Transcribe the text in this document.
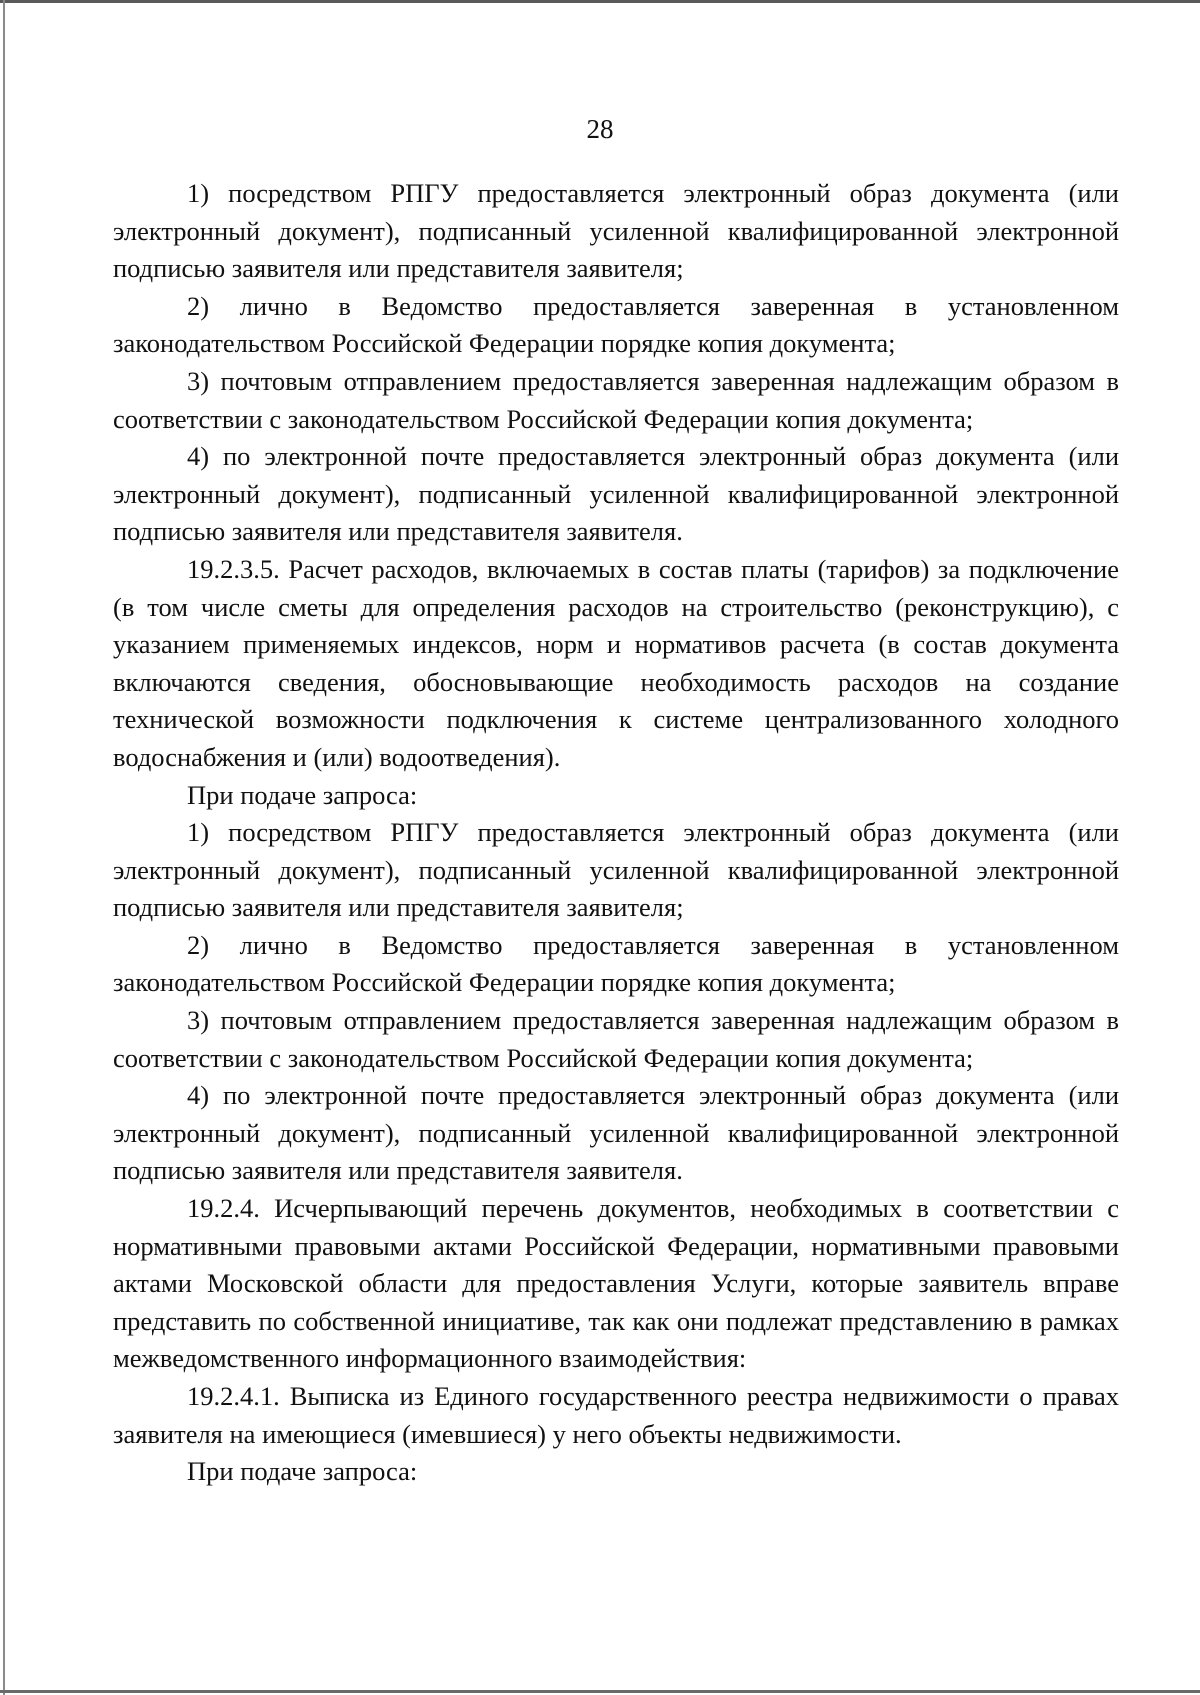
28

1) посредством РПГУ предоставляется электронный образ документа (или электронный документ), подписанный усиленной квалифицированной электронной подписью заявителя или представителя заявителя;

2) лично в Ведомство предоставляется заверенная в установленном законодательством Российской Федерации порядке копия документа;

3) почтовым отправлением предоставляется заверенная надлежащим образом в соответствии с законодательством Российской Федерации копия документа;

4) по электронной почте предоставляется электронный образ документа (или электронный документ), подписанный усиленной квалифицированной электронной подписью заявителя или представителя заявителя.

19.2.3.5. Расчет расходов, включаемых в состав платы (тарифов) за подключение (в том числе сметы для определения расходов на строительство (реконструкцию), с указанием применяемых индексов, норм и нормативов расчета (в состав документа включаются сведения, обосновывающие необходимость расходов на создание технической возможности подключения к системе централизованного холодного водоснабжения и (или) водоотведения).

При подаче запроса:

1) посредством РПГУ предоставляется электронный образ документа (или электронный документ), подписанный усиленной квалифицированной электронной подписью заявителя или представителя заявителя;

2) лично в Ведомство предоставляется заверенная в установленном законодательством Российской Федерации порядке копия документа;

3) почтовым отправлением предоставляется заверенная надлежащим образом в соответствии с законодательством Российской Федерации копия документа;

4) по электронной почте предоставляется электронный образ документа (или электронный документ), подписанный усиленной квалифицированной электронной подписью заявителя или представителя заявителя.

19.2.4. Исчерпывающий перечень документов, необходимых в соответствии с нормативными правовыми актами Российской Федерации, нормативными правовыми актами Московской области для предоставления Услуги, которые заявитель вправе представить по собственной инициативе, так как они подлежат представлению в рамках межведомственного информационного взаимодействия:

19.2.4.1. Выписка из Единого государственного реестра недвижимости о правах заявителя на имеющиеся (имевшиеся) у него объекты недвижимости.

При подаче запроса:
